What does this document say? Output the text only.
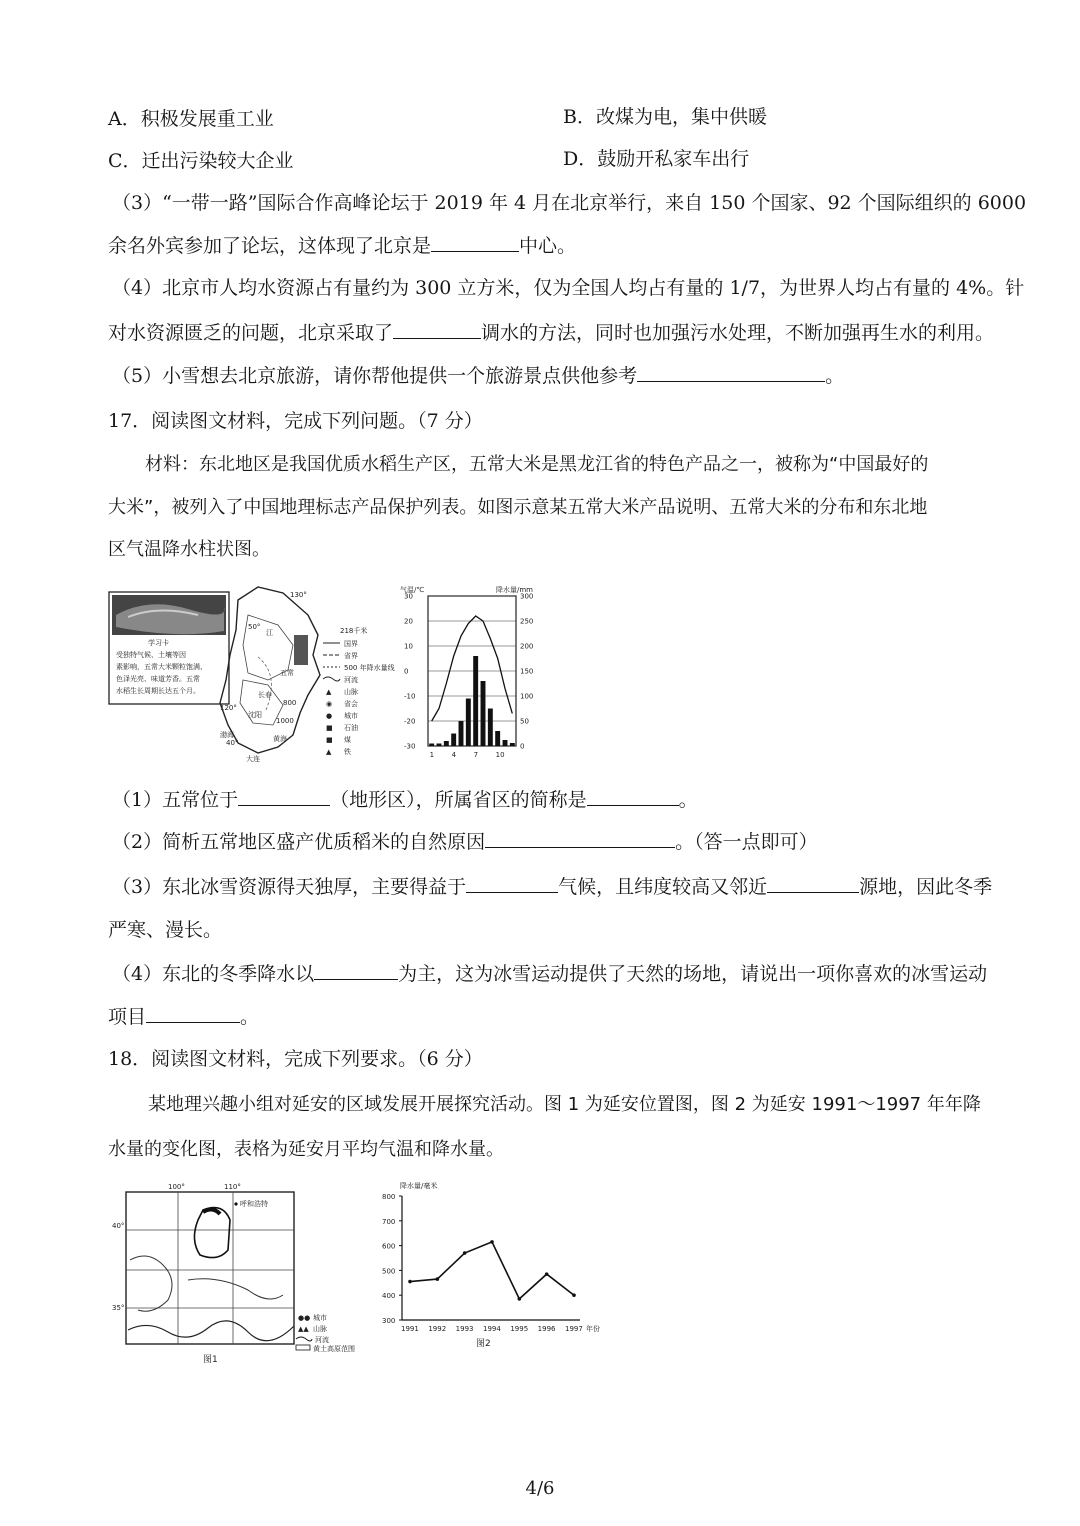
A．积极发展重工业	B．改煤为电，集中供暖
C．迁出污染较大企业	D．鼓励开私家车出行
（3）“一带一路”国际合作高峰论坛于 2019 年 4 月在北京举行，来自 150 个国家、92 个国际组织的 6000
余名外宾参加了论坛，这体现了北京是	中心。
（4）北京市人均水资源占有量约为 300 立方米，仅为全国人均占有量的 1/7，为世界人均占有量的 4%。针
对水资源匮乏的问题，北京采取了	调水的方法，同时也加强污水处理，不断加强再生水的利用。
（5）小雪想去北京旅游，请你帮他提供一个旅游景点供他参考	。
17．阅读图文材料，完成下列问题。（7 分）
材料：东北地区是我国优质水稻生产区，五常大米是黑龙江省的特色产品之一，被称为“中国最好的
大米”，被列入了中国地理标志产品保护列表。如图示意某五常大米产品说明、五常大米的分布和东北地
区气温降水柱状图。
学习卡
受独特气候、土壤等因
素影响，五常大米颗粒饱满、
色泽光亮、味道芳香。五常
水稻生长周期长达五个月。
130°
120°
50°
40°
江
五常
长春
沈阳
大连
渤海	黄海
800
1000
218千米
国界
省界
500 年降水量线
河流
▲ 山脉
◉ 省会
● 城市
■ 石油
■ 煤
▲ 铁
气温/℃	降水量/mm
30	300
20	250
10	200
0	150
-10	100
-20	50
-30	0
1	4	7	10
（1）五常位于	（地形区），所属省区的简称是	。
（2）简析五常地区盛产优质稻米的自然原因	。（答一点即可）
（3）东北冰雪资源得天独厚，主要得益于	气候，且纬度较高又邻近	源地，因此冬季
严寒、漫长。
（4）东北的冬季降水以	为主，这为冰雪运动提供了天然的场地，请说出一项你喜欢的冰雪运动
项目	。
18．阅读图文材料，完成下列要求。（6 分）
某地理兴趣小组对延安的区域发展开展探究活动。图 1 为延安位置图，图 2 为延安 1991～1997 年年降
水量的变化图，表格为延安月平均气温和降水量。
100°	110°
40°
35°
呼和浩特
●● 城市
▲▲ 山脉
河流
黄土高原范围
图1
降水量/毫米
300
400
500
600
700
800
1991 1992 1993 1994 1995 1996 1997 年份
图2
4/6
